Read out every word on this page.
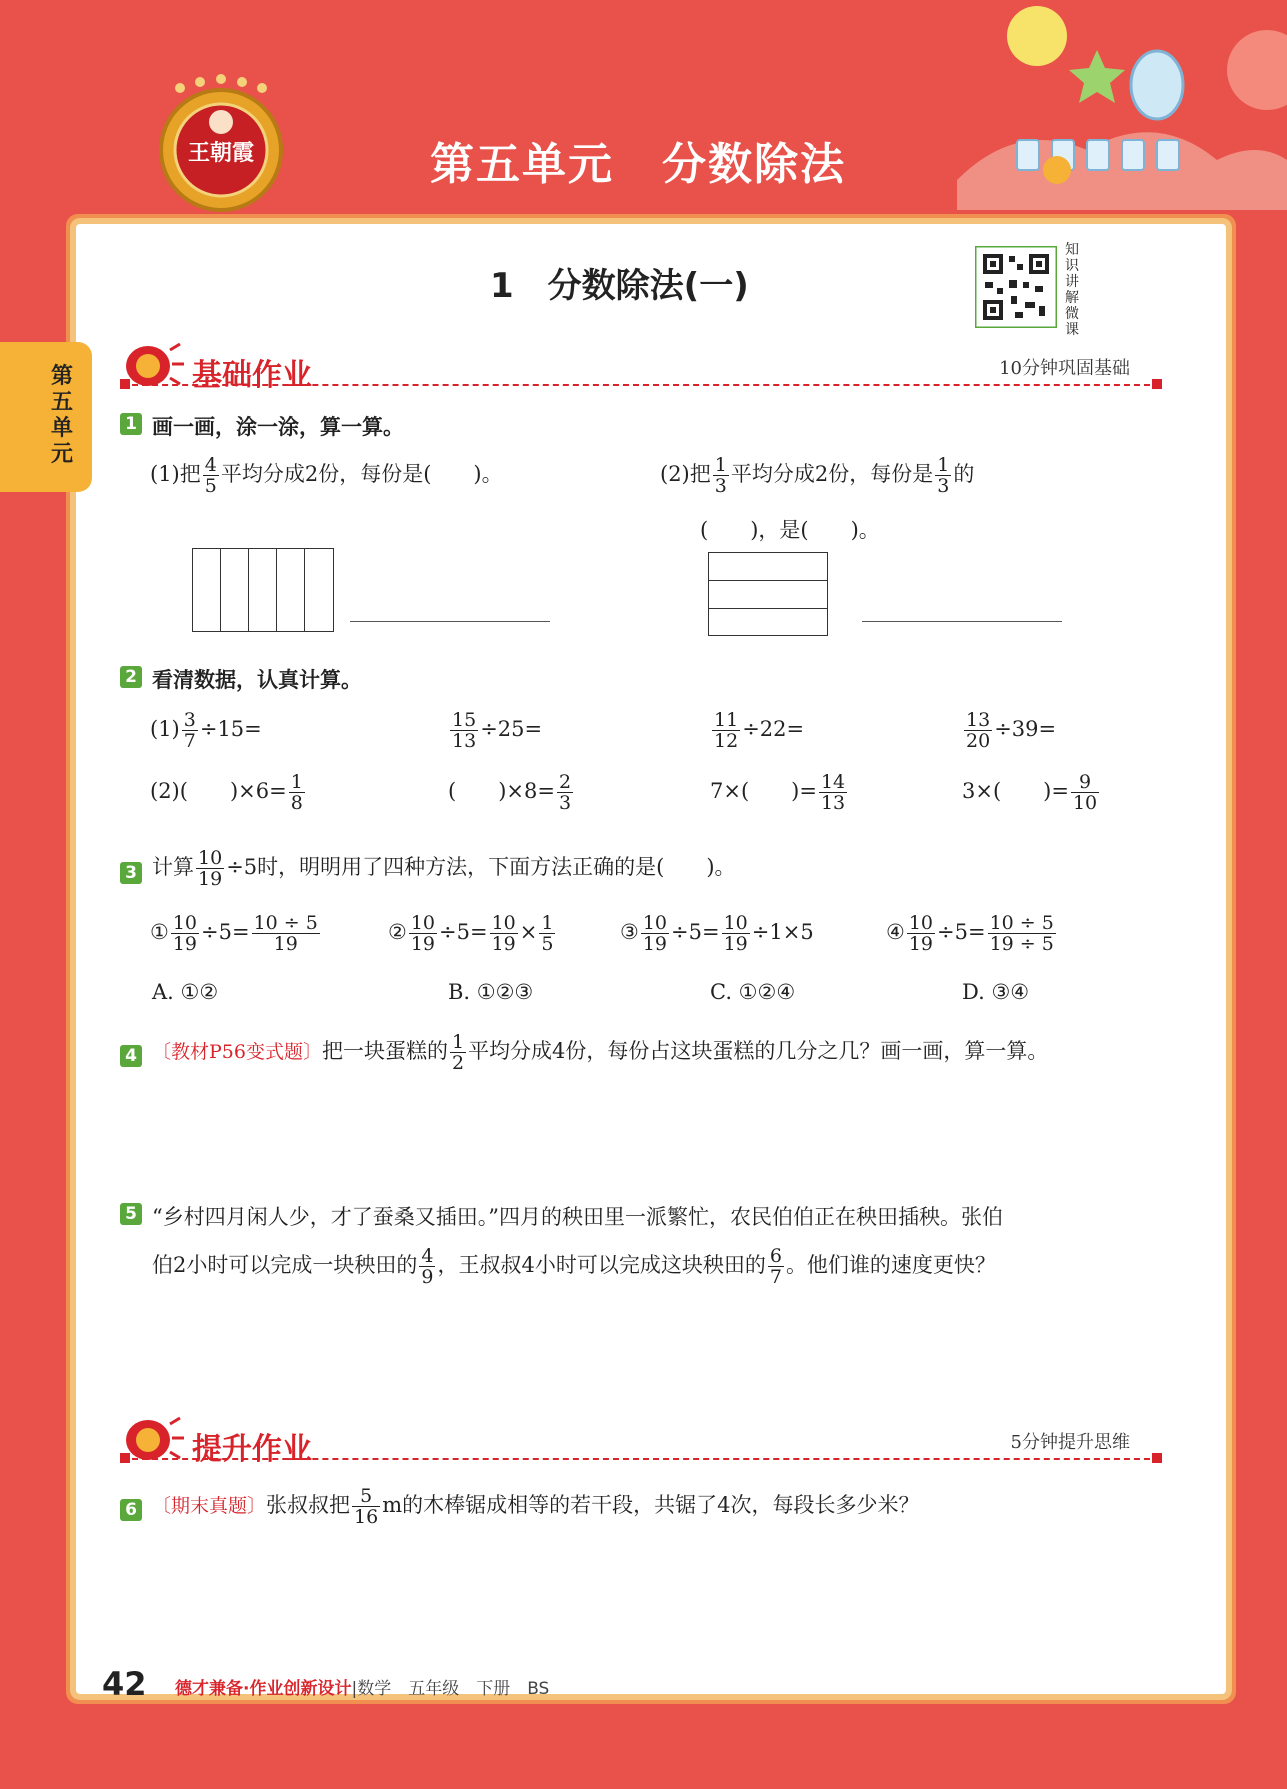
王朝霞	第五单元 分数除法
第五单元
1　分数除法(一)
知识讲解微课
基础作业	10分钟巩固基础
1 画一画，涂一涂，算一算。
(1)把 $\frac{4}{5}$ 平均分成2份，每份是(　　)。	(2)把 $\frac{1}{3}$ 平均分成2份，每份是 $\frac{1}{3}$ 的
(　　)，是(　　)。
2 看清数据，认真计算。
$(1) \frac{3}{7} \div 15=$	$\frac{15}{13} \div 25=$	$\frac{11}{12} \div 22=$	$\frac{13}{20} \div 39=$
(2)(　　)$\times 6= \frac{1}{8}$	(　　)$\times 8= \frac{2}{3}$	7×(　　)= $\frac{14}{13}$	3×(　　)= $\frac{9}{10}$
3 计算 $\frac{10}{19} \div 5$时，明明用了四种方法，下面方法正确的是(　　)。
① $\frac{10}{19} \div 5= \frac{10 \div 5}{19}$	② $\frac{10}{19} \div 5= \frac{10}{19} \times \frac{1}{5}$	③ $\frac{10}{19} \div 5= \frac{10}{19} \div 1\times 5$	④ $\frac{10}{19} \div 5= \frac{10 \div 5}{19 \div 5}$
A. ①②	B. ①②③	C. ①②④	D. ③④
4 〔教材P56变式题〕把一块蛋糕的 $\frac{1}{2}$ 平均分成4份，每份占这块蛋糕的几分之几？画一画，算一算。
5 “乡村四月闲人少，才了蚕桑又插田。”四月的秧田里一派繁忙，农民伯伯正在秧田插秧。张伯
伯2小时可以完成一块秧田的 $\frac{4}{9}$ ，王叔叔4小时可以完成这块秧田的 $\frac{6}{7}$ 。他们谁的速度更快？
提升作业	5分钟提升思维
6 〔期末真题〕张叔叔把 $\frac{5}{16}$ m的木棒锯成相等的若干段，共锯了4次，每段长多少米？
42 德才兼备·作业创新设计|数学　五年级　下册　BS
